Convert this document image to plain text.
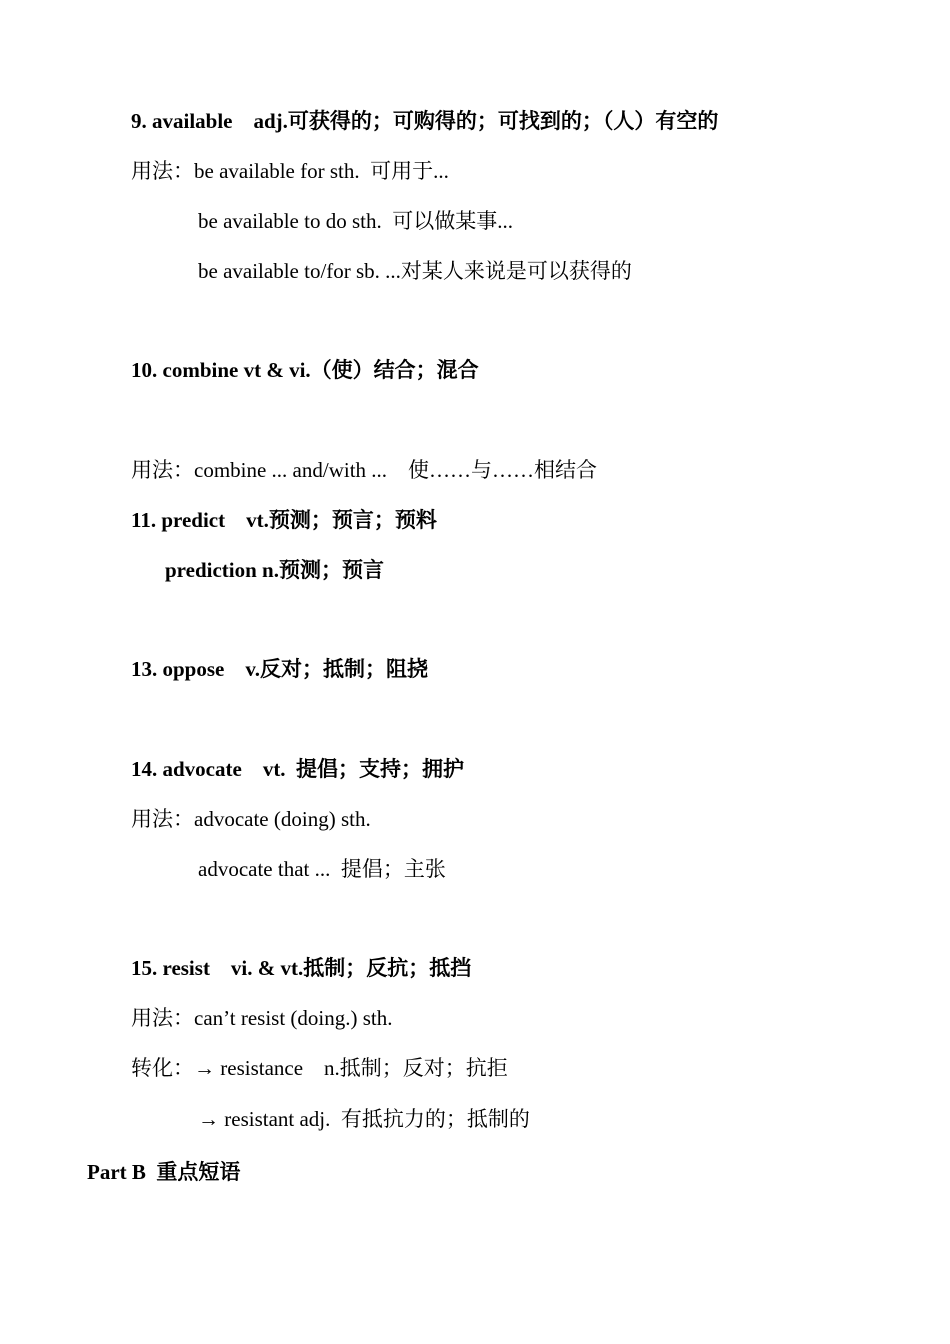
9. available    adj.可获得的；可购得的；可找到的；（人）有空的
用法：be available for sth.  可用于...
be available to do sth.  可以做某事...
be available to/for sb. ...对某人来说是可以获得的
10. combine vt & vi.（使）结合；混合
用法：combine ... and/with ...    使……与……相结合
11. predict    vt.预测；预言；预料
prediction n.预测；预言
13. oppose    v.反对；抵制；阻挠
14. advocate    vt.  提倡；支持；拥护
用法：advocate (doing) sth.
advocate that ...  提倡；主张
15. resist    vi. & vt.抵制；反抗；抵挡
用法：can’t resist (doing.) sth.
转化：→ resistance    n.抵制；反对；抗拒
→ resistant adj.  有抵抗力的；抵制的
Part B  重点短语
